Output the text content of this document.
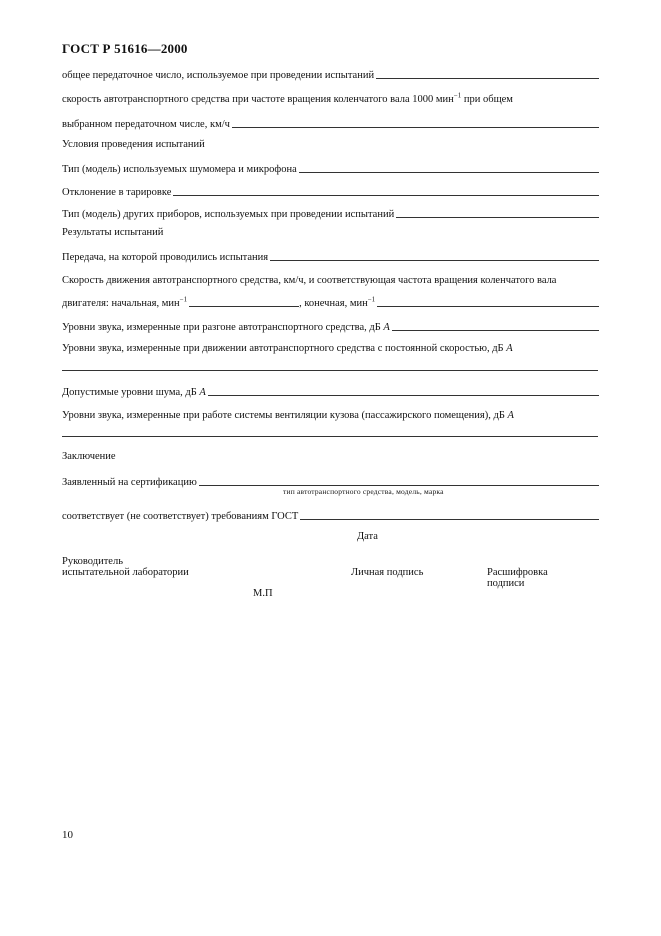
ГОСТ Р 51616—2000
общее передаточное число, используемое при проведении испытаний
скорость автотранспортного средства при частоте вращения коленчатого вала 1000 мин$^{-1}$ при общем
выбранном передаточном числе, км/ч
Условия проведения испытаний
Тип (модель) используемых шумомера и микрофона
Отклонение в тарировке
Тип (модель) других приборов, используемых при проведении испытаний
Результаты испытаний
Передача, на которой проводились испытания
Скорость движения автотранспортного средства, км/ч, и соответствующая частота вращения коленчатого вала
двигателя: начальная, мин$^{-1}$	, конечная, мин$^{-1}$
Уровни звука, измеренные при разгоне автотранспортного средства, дБ A
Уровни звука, измеренные при движении автотранспортного средства с постоянной скоростью, дБ A
Допустимые уровни шума, дБ A
Уровни звука, измеренные при работе системы вентиляции кузова (пассажирского помещения), дБ A
Заключение
Заявленный на сертификацию
тип автотранспортного средства, модель, марка
соответствует (не соответствует) требованиям ГОСТ
Дата
Руководитель
испытательной лаборатории	Личная подпись	Расшифровка
подписи
М.П
10
